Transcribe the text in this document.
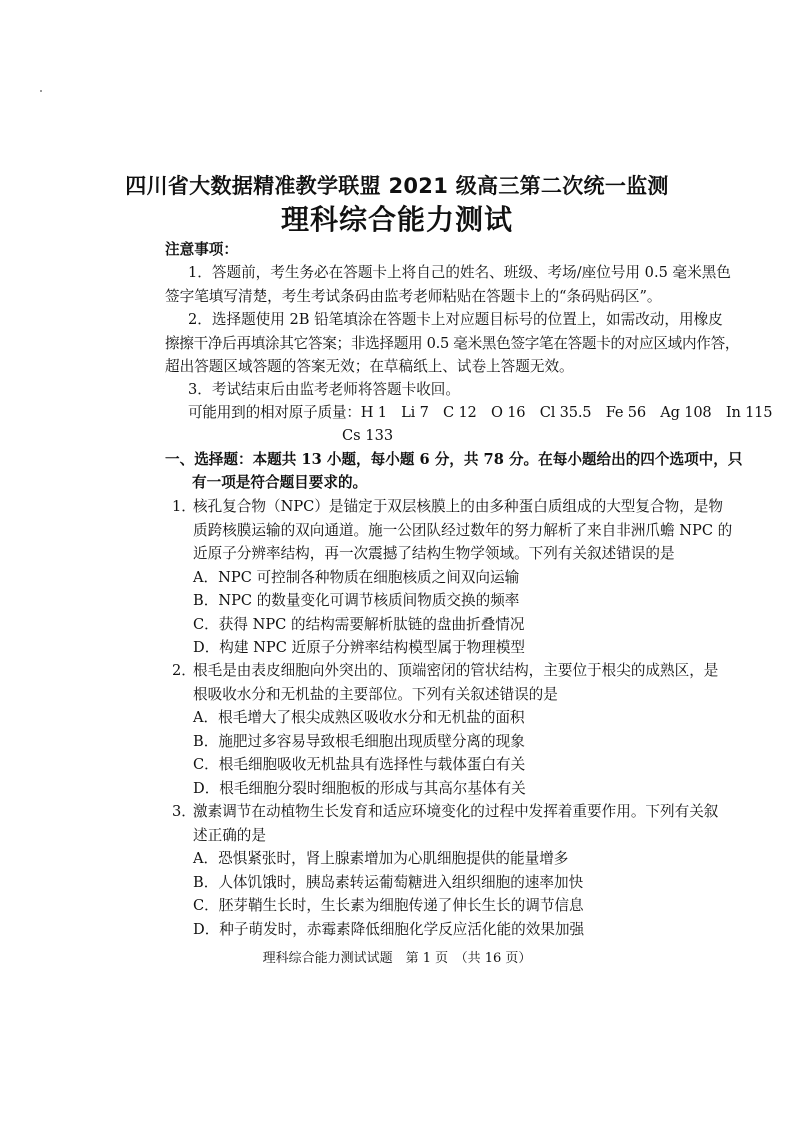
四川省大数据精准教学联盟 2021 级高三第二次统一监测
理科综合能力测试
注意事项：
1．答题前，考生务必在答题卡上将自己的姓名、班级、考场/座位号用 0.5 毫米黑色
签字笔填写清楚，考生考试条码由监考老师粘贴在答题卡上的“条码贴码区”。
2．选择题使用 2B 铅笔填涂在答题卡上对应题目标号的位置上，如需改动，用橡皮
擦擦干净后再填涂其它答案；非选择题用 0.5 毫米黑色签字笔在答题卡的对应区域内作答，
超出答题区域答题的答案无效；在草稿纸上、试卷上答题无效。
3．考试结束后由监考老师将答题卡收回。
可能用到的相对原子质量：H 1　Li 7　C 12　O 16　Cl 35.5　Fe 56　Ag 108　In 115
Cs 133
一、选择题：本题共 13 小题，每小题 6 分，共 78 分。在每小题给出的四个选项中，只
有一项是符合题目要求的。
1．
核孔复合物（NPC）是锚定于双层核膜上的由多种蛋白质组成的大型复合物，是物
质跨核膜运输的双向通道。施一公团队经过数年的努力解析了来自非洲爪蟾 NPC 的
近原子分辨率结构，再一次震撼了结构生物学领域。下列有关叙述错误的是
A．NPC 可控制各种物质在细胞核质之间双向运输
B．NPC 的数量变化可调节核质间物质交换的频率
C．获得 NPC 的结构需要解析肽链的盘曲折叠情况
D．构建 NPC 近原子分辨率结构模型属于物理模型
2．
根毛是由表皮细胞向外突出的、顶端密闭的管状结构，主要位于根尖的成熟区，是
根吸收水分和无机盐的主要部位。下列有关叙述错误的是
A．根毛增大了根尖成熟区吸收水分和无机盐的面积
B．施肥过多容易导致根毛细胞出现质壁分离的现象
C．根毛细胞吸收无机盐具有选择性与载体蛋白有关
D．根毛细胞分裂时细胞板的形成与其高尔基体有关
3．
激素调节在动植物生长发育和适应环境变化的过程中发挥着重要作用。下列有关叙
述正确的是
A．恐惧紧张时，肾上腺素增加为心肌细胞提供的能量增多
B．人体饥饿时，胰岛素转运葡萄糖进入组织细胞的速率加快
C．胚芽鞘生长时，生长素为细胞传递了伸长生长的调节信息
D．种子萌发时，赤霉素降低细胞化学反应活化能的效果加强
理科综合能力测试试题　第 1 页　（共 16 页）
